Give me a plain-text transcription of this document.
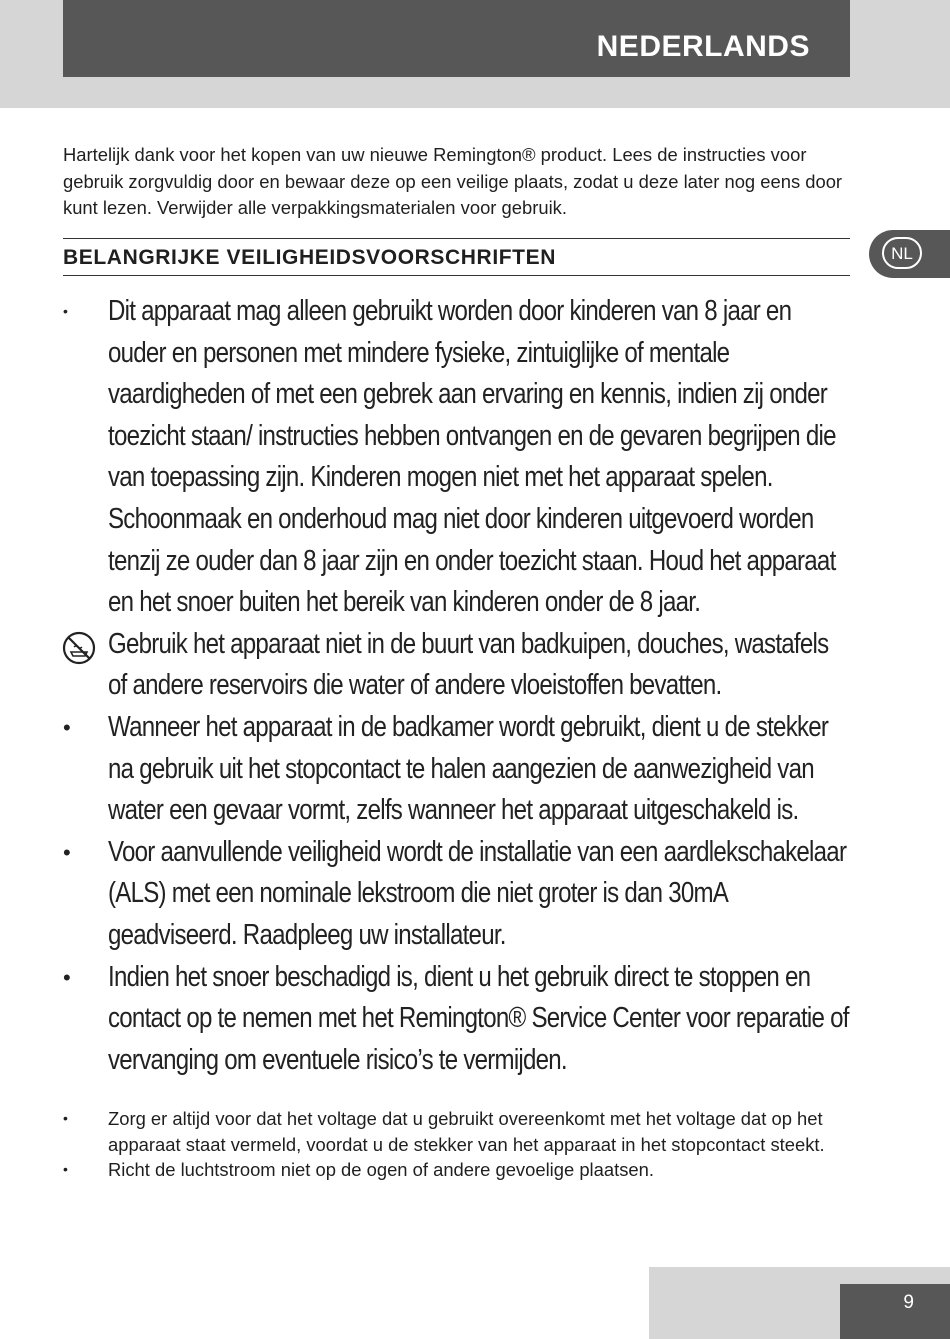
NEDERLANDS

Hartelijk dank voor het kopen van uw nieuwe Remington® product. Lees de instructies voor gebruik zorgvuldig door en bewaar deze op een veilige plaats, zodat u deze later nog eens door kunt lezen. Verwijder alle verpakkingsmaterialen voor gebruik.

BELANGRIJKE VEILIGHEIDSVOORSCHRIFTEN	NL
• Dit apparaat mag alleen gebruikt worden door kinderen van 8 jaar en ouder en personen met mindere fysieke, zintuiglijke of mentale vaardigheden of met een gebrek aan ervaring en kennis, indien zij onder toezicht staan/ instructies hebben ontvangen en de gevaren begrijpen die van toepassing zijn. Kinderen mogen niet met het apparaat spelen. Schoonmaak en onderhoud mag niet door kinderen uitgevoerd worden tenzij ze ouder dan 8 jaar zijn en onder toezicht staan. Houd het apparaat en het snoer buiten het bereik van kinderen onder de 8 jaar.
Gebruik het apparaat niet in de buurt van badkuipen, douches, wastafels of andere reservoirs die water of andere vloeistoffen bevatten.
• Wanneer het apparaat in de badkamer wordt gebruikt, dient u de stekker na gebruik uit het stopcontact te halen aangezien de aanwezigheid van water een gevaar vormt, zelfs wanneer het apparaat uitgeschakeld is.
• Voor aanvullende veiligheid wordt de installatie van een aardlekschakelaar (ALS) met een nominale lekstroom die niet groter is dan 30mA geadviseerd. Raadpleeg uw installateur.
• Indien het snoer beschadigd is, dient u het gebruik direct te stoppen en contact op te nemen met het Remington® Service Center voor reparatie of vervanging om eventuele risico’s te vermijden.
• Zorg er altijd voor dat het voltage dat u gebruikt overeenkomt met het voltage dat op het apparaat staat vermeld, voordat u de stekker van het apparaat in het stopcontact steekt.
• Richt de luchtstroom niet op de ogen of andere gevoelige plaatsen.
9
